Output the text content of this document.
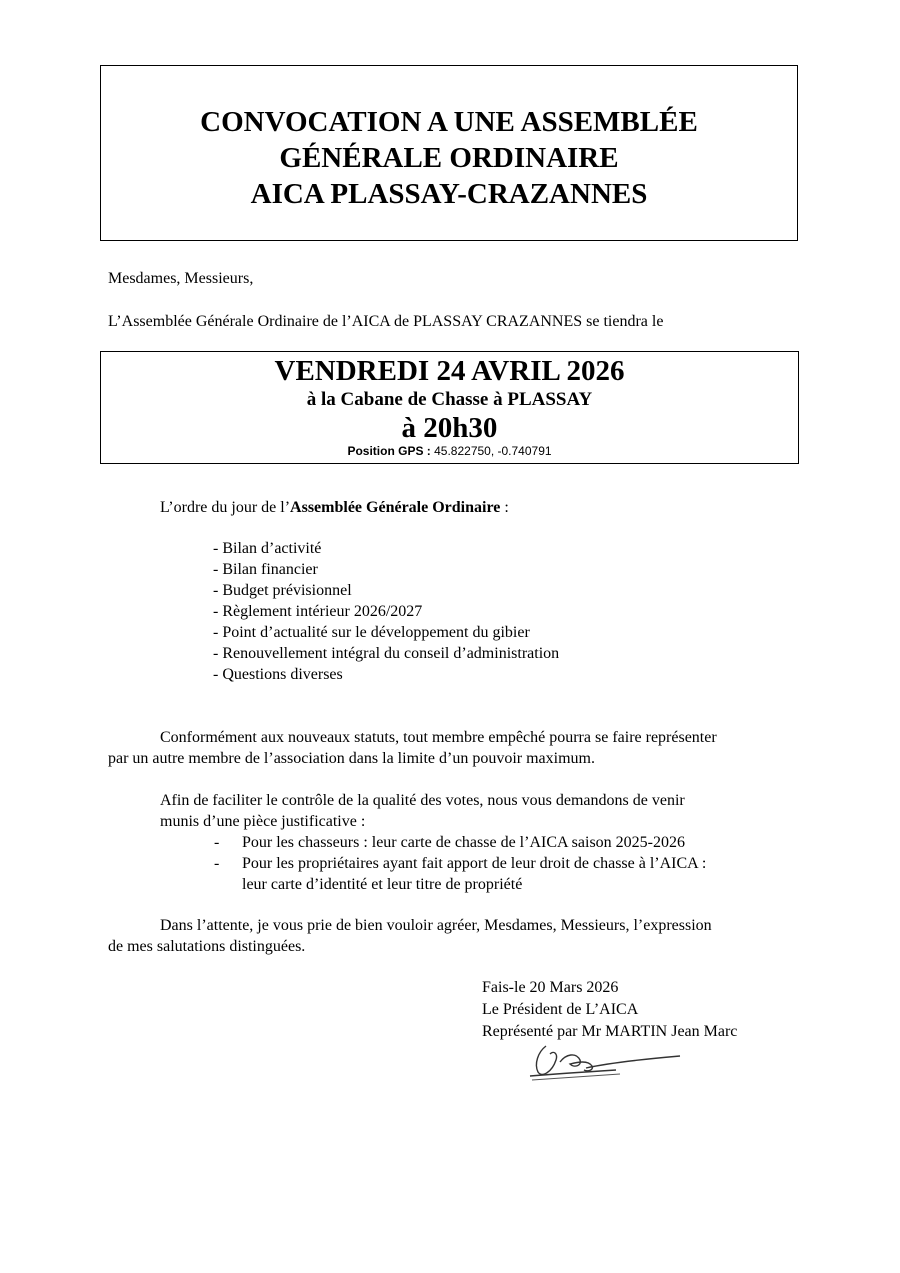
CONVOCATION A UNE ASSEMBLÉE
GÉNÉRALE ORDINAIRE
AICA PLASSAY-CRAZANNES
Mesdames, Messieurs,
L’Assemblée Générale Ordinaire de l’AICA de PLASSAY CRAZANNES se tiendra le
VENDREDI 24 AVRIL 2026
à la Cabane de Chasse à PLASSAY
à 20h30
Position GPS : 45.822750, -0.740791
L’ordre du jour de l’Assemblée Générale Ordinaire :
- Bilan d’activité
- Bilan financier
- Budget prévisionnel
- Règlement intérieur 2026/2027
- Point d’actualité sur le développement du gibier
- Renouvellement intégral du conseil d’administration
- Questions diverses
Conformément aux nouveaux statuts, tout membre empêché pourra se faire représenter
par un autre membre de l’association dans la limite d’un pouvoir maximum.
Afin de faciliter le contrôle de la qualité des votes, nous vous demandons de venir
munis d’une pièce justificative :
- Pour les chasseurs : leur carte de chasse de l’AICA saison 2025-2026
- Pour les propriétaires ayant fait apport de leur droit de chasse à l’AICA :
leur carte d’identité et leur titre de propriété
Dans l’attente, je vous prie de bien vouloir agréer, Mesdames, Messieurs, l’expression
de mes salutations distinguées.
Fais-le 20 Mars 2026
Le Président de L’AICA
Représenté par Mr MARTIN Jean Marc
